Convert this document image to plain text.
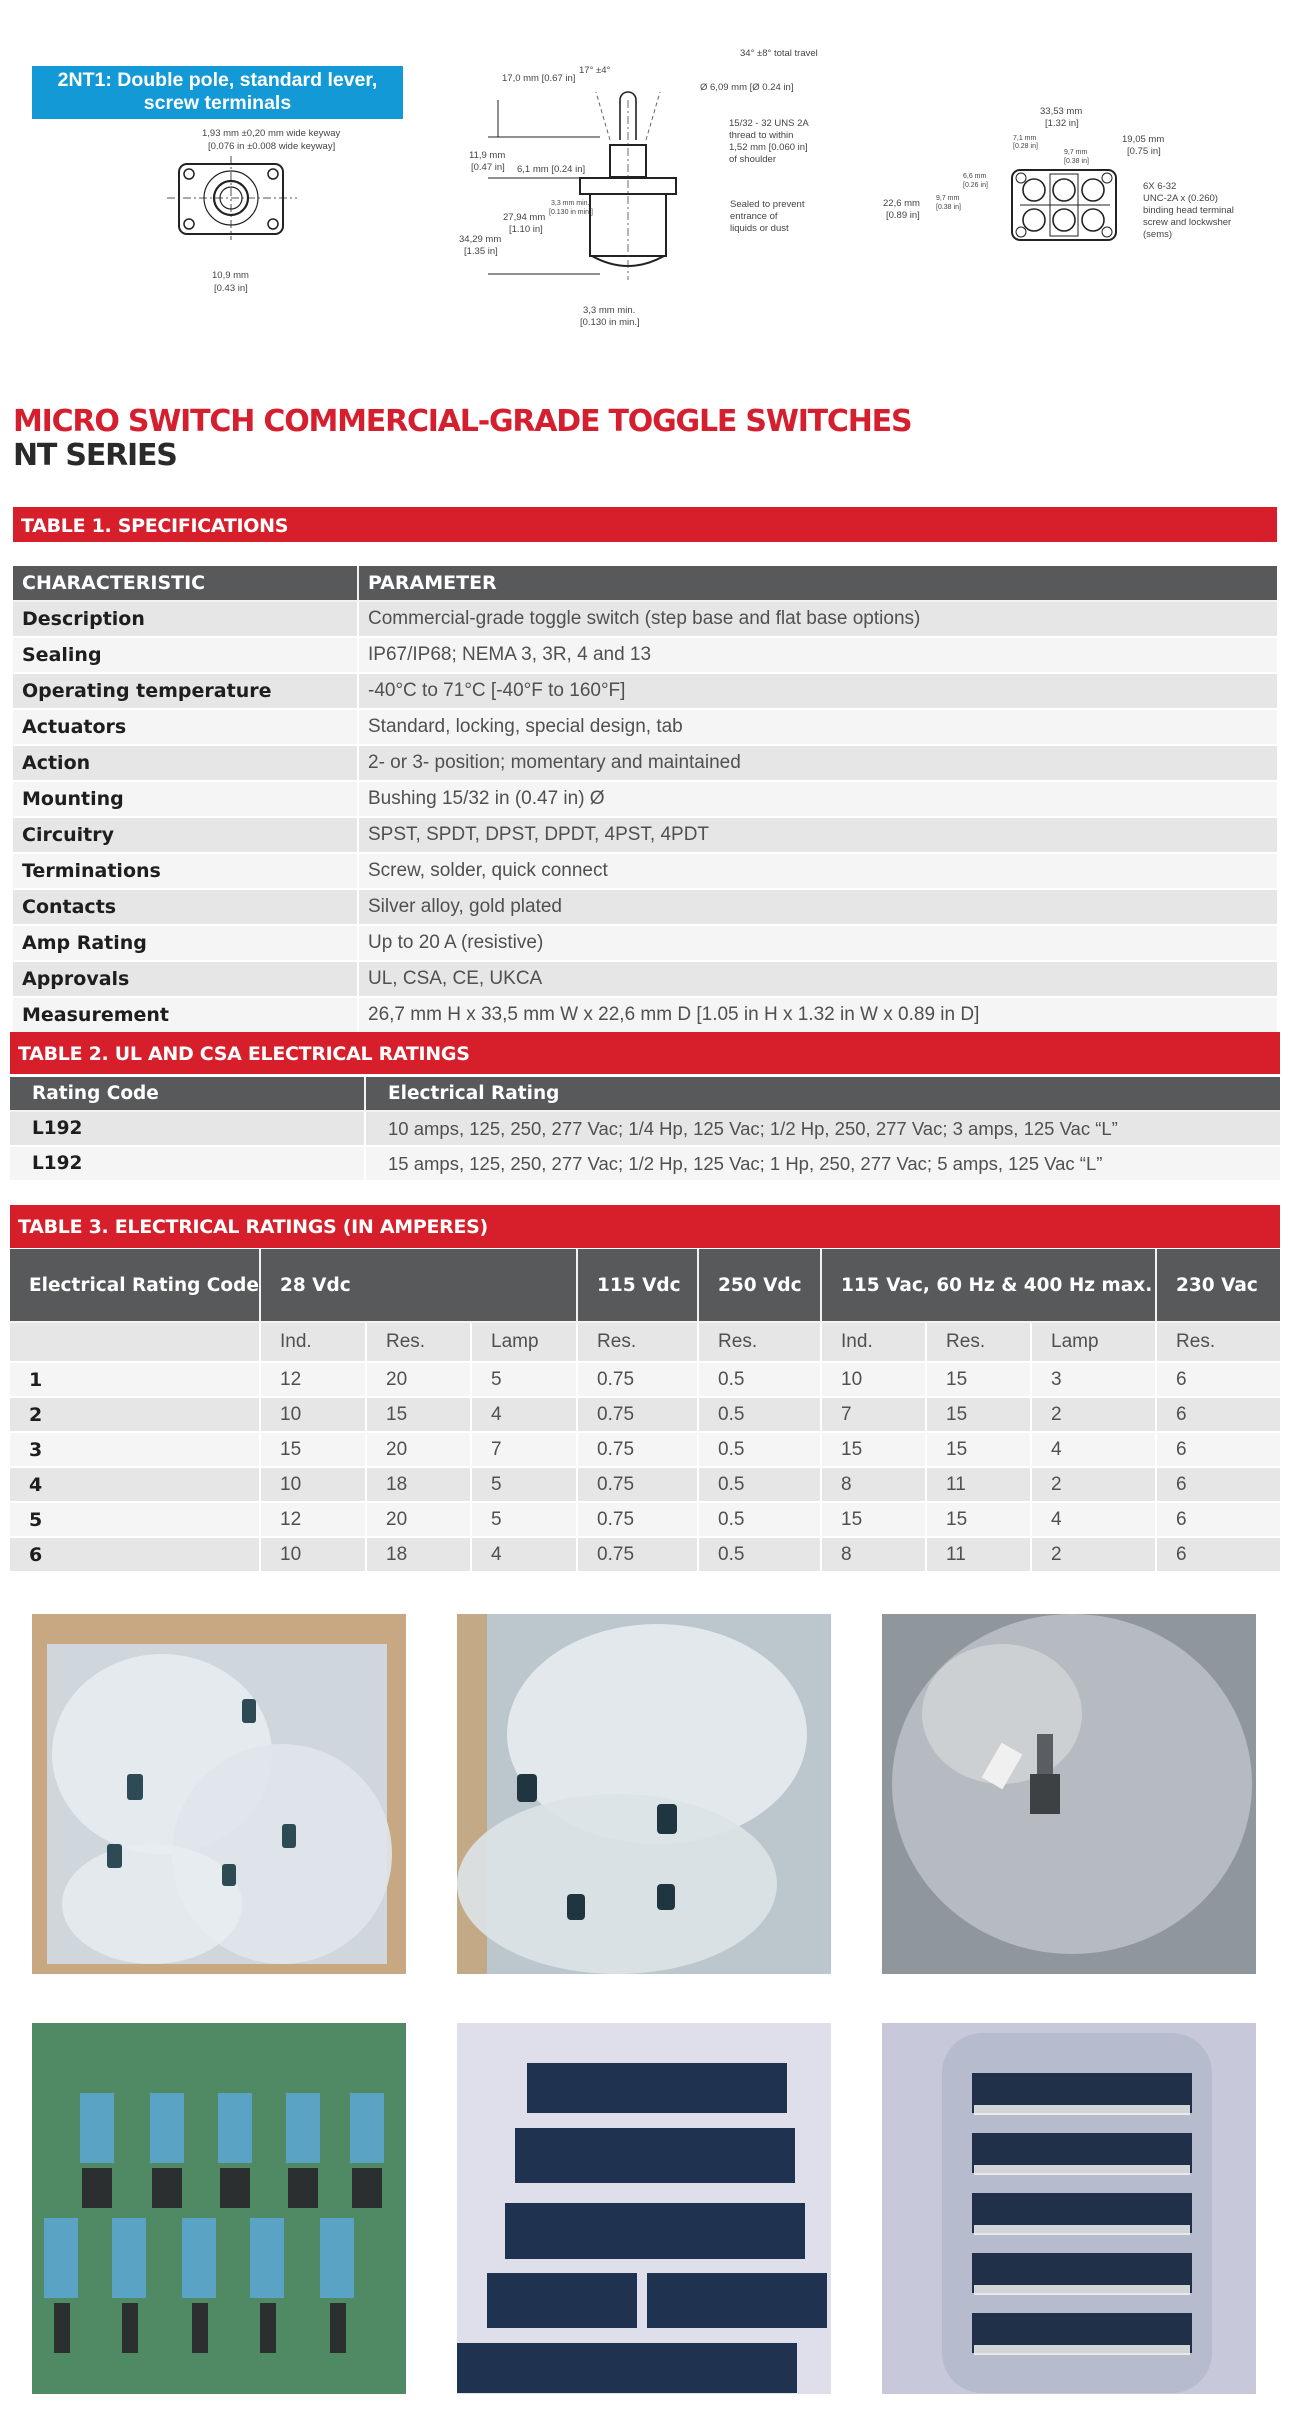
2NT1: Double pole, standard lever,
screw terminals
1,93 mm ±0,20 mm wide keyway
[0.076 in ±0.008 wide keyway]
10,9 mm
[0.43 in]
34° ±8° total travel
17° ±4°
17,0 mm [0.67 in]
Ø 6,09 mm [Ø 0.24 in]
15/32 - 32 UNS 2A
thread to within
1,52 mm [0.060 in]
of shoulder
11,9 mm
[0.47 in] 6,1 mm [0.24 in]
3,3 mm min.
[0.130 in min.]
27,94 mm
[1.10 in]
34,29 mm
[1.35 in]
Sealed to prevent
entrance of
liquids or dust
3,3 mm min.
[0.130 in min.]
33,53 mm
[1.32 in]
7,1 mm
[0.28 in]
19,05 mm
[0.75 in]
9,7 mm
[0.38 in]
6,6 mm
[0.26 in]
9,7 mm
[0.38 in]
22,6 mm
[0.89 in]
6X 6-32
UNC-2A x (0.260)
binding head terminal
screw and lockwsher
(sems)
MICRO SWITCH COMMERCIAL-GRADE TOGGLE SWITCHES
NT SERIES
TABLE 1. SPECIFICATIONS
CHARACTERISTIC	PARAMETER
Description	Commercial-grade toggle switch (step base and flat base options)
Sealing	IP67/IP68; NEMA 3, 3R, 4 and 13
Operating temperature	-40°C to 71°C [-40°F to 160°F]
Actuators	Standard, locking, special design, tab
Action	2- or 3- position; momentary and maintained
Mounting	Bushing 15/32 in (0.47 in) Ø
Circuitry	SPST, SPDT, DPST, DPDT, 4PST, 4PDT
Terminations	Screw, solder, quick connect
Contacts	Silver alloy, gold plated
Amp Rating	Up to 20 A (resistive)
Approvals	UL, CSA, CE, UKCA
Measurement	26,7 mm H x 33,5 mm W x 22,6 mm D [1.05 in H x 1.32 in W x 0.89 in D]
TABLE 2. UL AND CSA ELECTRICAL RATINGS
Rating Code	Electrical Rating
L192	10 amps, 125, 250, 277 Vac; 1/4 Hp, 125 Vac; 1/2 Hp, 250, 277 Vac; 3 amps, 125 Vac “L”
L192	15 amps, 125, 250, 277 Vac; 1/2 Hp, 125 Vac; 1 Hp, 250, 277 Vac; 5 amps, 125 Vac “L”
TABLE 3. ELECTRICAL RATINGS (IN AMPERES)
Electrical Rating Code	28 Vdc			115 Vdc	250 Vdc	115 Vac, 60 Hz & 400 Hz max.			230 Vac
	Ind.	Res.	Lamp	Res.	Res.	Ind.	Res.	Lamp	Res.
1	12	20	5	0.75	0.5	10	15	3	6
2	10	15	4	0.75	0.5	7	15	2	6
3	15	20	7	0.75	0.5	15	15	4	6
4	10	18	5	0.75	0.5	8	11	2	6
5	12	20	5	0.75	0.5	15	15	4	6
6	10	18	4	0.75	0.5	8	11	2	6
